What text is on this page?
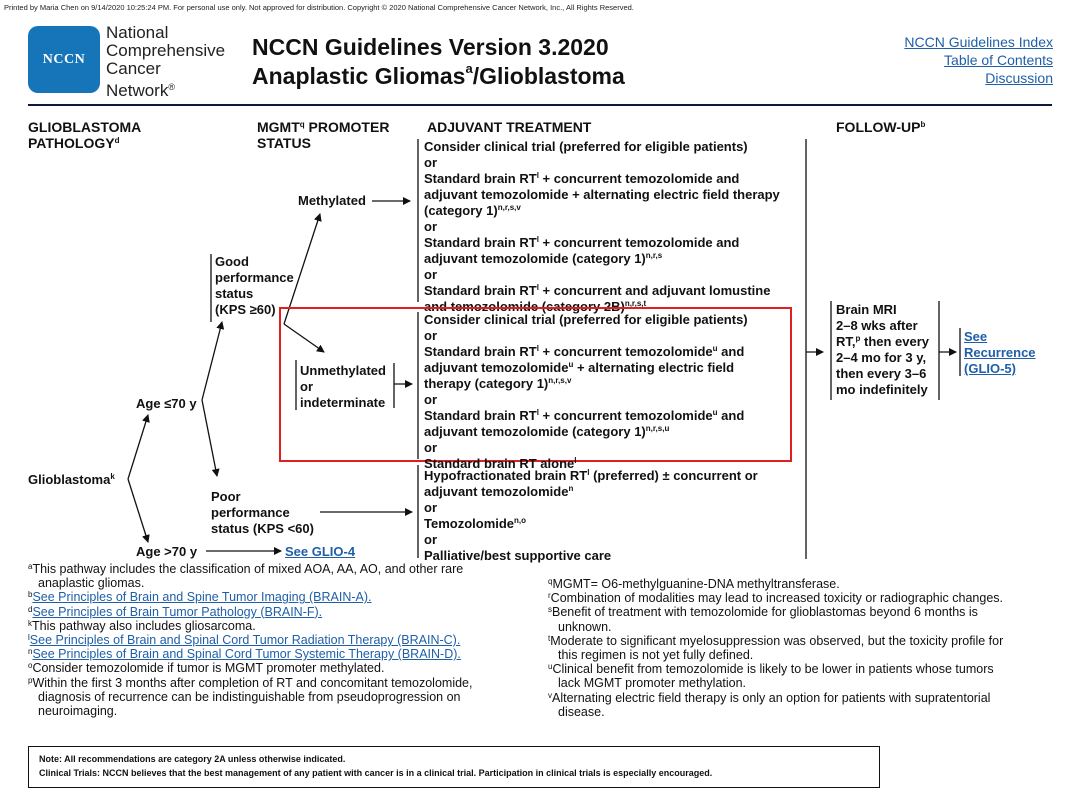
Printed by Maria Chen on 9/14/2020 10:25:24 PM. For personal use only. Not approved for distribution. Copyright © 2020 National Comprehensive Cancer Network, Inc., All Rights Reserved.
NCCN
National
Comprehensive
Cancer
Network®
NCCN Guidelines Version 3.2020
Anaplastic Gliomas$^a$/Glioblastoma
NCCN Guidelines Index
Table of Contents
Discussion
GLIOBLASTOMA
PATHOLOGY$^d$
MGMT$^q$ PROMOTER
STATUS
ADJUVANT TREATMENT	FOLLOW-$UP^b$
Glioblastoma$^k$
Age ≤70 y
Age >70 y	See GLIO-4
Good
performance
status
(KPS ≥60)
Poor
performance
status (KPS <60)
Methylated
Unmethylated
or
indeterminate
Consider clinical trial (preferred for eligible patients)
or
Standard brain $RT^l$ + concurrent temozolomide and
adjuvant temozolomide + alternating electric field therapy
(category 1)$^{n,r,s,v}$
or
Standard brain $RT^l$ + concurrent temozolomide and
adjuvant temozolomide (category 1)$^{n,r,s}$
or
Standard brain $RT^l$ + concurrent and adjuvant lomustine
and temozolomide (category 2B)$^{n,r,s,t}$
Consider clinical trial (preferred for eligible patients)
or
Standard brain $RT^l$ + concurrent temozolomide$^u$ and
adjuvant temozolomide$^u$ + alternating electric field
therapy (category 1)$^{n,r,s,v}$
or
Standard brain $RT^l$ + concurrent temozolomide$^u$ and
adjuvant temozolomide (category 1)$^{n,r,s,u}$
or
Standard brain RT alone$^l$
Hypofractionated brain $RT^l$ (preferred) ± concurrent or
adjuvant temozolomide$^n$
or
Temozolomide$^{n,o}$
or
Palliative/best supportive care
Brain MRI
2–8 wks after
RT,$^p$ then every
2–4 mo for 3 y,
then every 3–6
mo indefinitely
See
Recurrence
(GLIO-5)
$^a$This pathway includes the classification of mixed AOA, AA, AO, and other rare
anaplastic gliomas.
$^b$See Principles of Brain and Spine Tumor Imaging (BRAIN-A).
$^d$See Principles of Brain Tumor Pathology (BRAIN-F).
$^k$This pathway also includes gliosarcoma.
$^l$See Principles of Brain and Spinal Cord Tumor Radiation Therapy (BRAIN-C).
$^n$See Principles of Brain and Spinal Cord Tumor Systemic Therapy (BRAIN-D).
$^o$Consider temozolomide if tumor is MGMT promoter methylated.
$^p$Within the first 3 months after completion of RT and concomitant temozolomide,
diagnosis of recurrence can be indistinguishable from pseudoprogression on
neuroimaging.
$^q$MGMT= O6-methylguanine-DNA methyltransferase.
$^r$Combination of modalities may lead to increased toxicity or radiographic changes.
$^s$Benefit of treatment with temozolomide for glioblastomas beyond 6 months is
unknown.
$^t$Moderate to significant myelosuppression was observed, but the toxicity profile for
this regimen is not yet fully defined.
$^u$Clinical benefit from temozolomide is likely to be lower in patients whose tumors
lack MGMT promoter methylation.
$^v$Alternating electric field therapy is only an option for patients with supratentorial
disease.
Note: All recommendations are category 2A unless otherwise indicated.
Clinical Trials: NCCN believes that the best management of any patient with cancer is in a clinical trial. Participation in clinical trials is especially encouraged.
